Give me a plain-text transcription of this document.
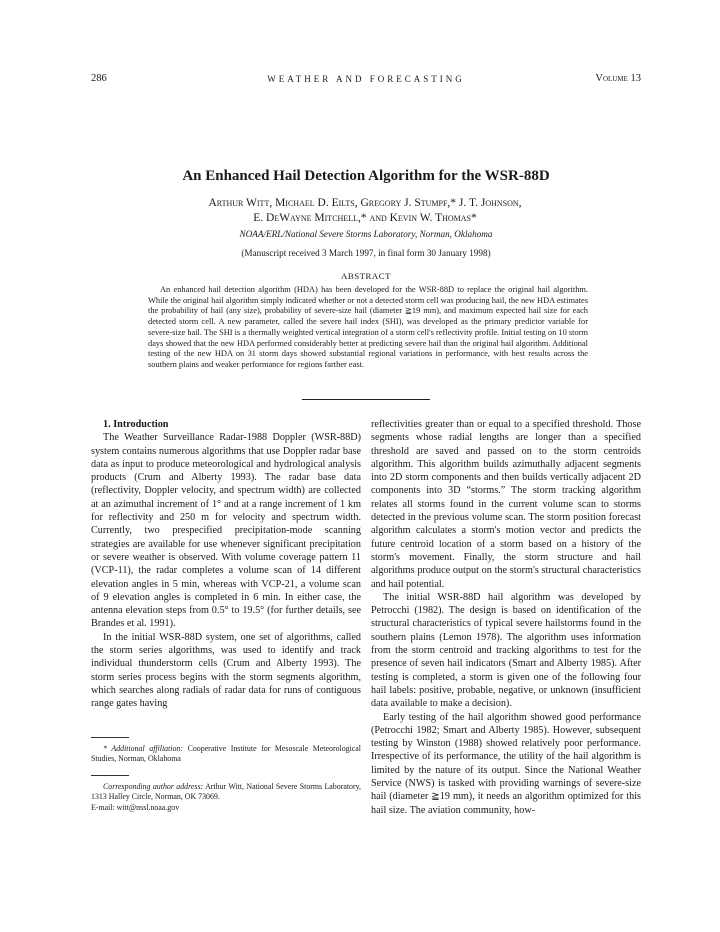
286	WEATHER AND FORECASTING	Volume 13
An Enhanced Hail Detection Algorithm for the WSR-88D
Arthur Witt, Michael D. Eilts, Gregory J. Stumpf,* J. T. Johnson,
E. DeWayne Mitchell,* and Kevin W. Thomas*
NOAA/ERL/National Severe Storms Laboratory, Norman, Oklahoma
(Manuscript received 3 March 1997, in final form 30 January 1998)
ABSTRACT
An enhanced hail detection algorithm (HDA) has been developed for the WSR-88D to replace the original hail algorithm. While the original hail algorithm simply indicated whether or not a detected storm cell was producing hail, the new HDA estimates the probability of hail (any size), probability of severe-size hail (diameter ≧19 mm), and maximum expected hail size for each detected storm cell. A new parameter, called the severe hail index (SHI), was developed as the primary predictor variable for severe-size hail. The SHI is a thermally weighted vertical integration of a storm cell's reflectivity profile. Initial testing on 10 storm days showed that the new HDA performed considerably better at predicting severe hail than the original hail algorithm. Additional testing of the new HDA on 31 storm days showed substantial regional variations in performance, with best results across the southern plains and weaker performance for regions farther east.

1. Introduction

The Weather Surveillance Radar-1988 Doppler (WSR-88D) system contains numerous algorithms that use Doppler radar base data as input to produce meteorological and hydrological analysis products (Crum and Alberty 1993). The radar base data (reflectivity, Doppler velocity, and spectrum width) are collected at an azimuthal increment of 1° and at a range increment of 1 km for reflectivity and 250 m for velocity and spectrum width. Currently, two prespecified precipitation-mode scanning strategies are available for use whenever significant precipitation or severe weather is observed. With volume coverage pattern 11 (VCP-11), the radar completes a volume scan of 14 different elevation angles in 5 min, whereas with VCP-21, a volume scan of 9 elevation angles is completed in 6 min. In either case, the antenna elevation steps from 0.5° to 19.5° (for further details, see Brandes et al. 1991).

In the initial WSR-88D system, one set of algorithms, called the storm series algorithms, was used to identify and track individual thunderstorm cells (Crum and Alberty 1993). The storm series process begins with the storm segments algorithm, which searches along radials of radar data for runs of contiguous range gates having

* Additional affiliation: Cooperative Institute for Mesoscale Meteorological Studies, Norman, Oklahoma

Corresponding author address: Arthur Witt, National Severe Storms Laboratory, 1313 Halley Circle, Norman, OK 73069.

E-mail: witt@nssl.noaa.gov

reflectivities greater than or equal to a specified threshold. Those segments whose radial lengths are longer than a specified threshold are saved and passed on to the storm centroids algorithm. This algorithm builds azimuthally adjacent segments into 2D storm components and then builds vertically adjacent 2D components into 3D “storms.” The storm tracking algorithm relates all storms found in the current volume scan to storms detected in the previous volume scan. The storm position forecast algorithm calculates a storm's motion vector and predicts the future centroid location of a storm based on a history of the storm's movement. Finally, the storm structure and hail algorithms produce output on the storm's structural characteristics and hail potential.

The initial WSR-88D hail algorithm was developed by Petrocchi (1982). The design is based on identification of the structural characteristics of typical severe hailstorms found in the southern plains (Lemon 1978). The algorithm uses information from the storm centroid and tracking algorithms to test for the presence of seven hail indicators (Smart and Alberty 1985). After testing is completed, a storm is given one of the following four hail labels: positive, probable, negative, or unknown (insufficient data available to make a decision).

Early testing of the hail algorithm showed good performance (Petrocchi 1982; Smart and Alberty 1985). However, subsequent testing by Winston (1988) showed relatively poor performance. Irrespective of its performance, the utility of the hail algorithm is limited by the nature of its output. Since the National Weather Service (NWS) is tasked with providing warnings of severe-size hail (diameter ≧19 mm), it needs an algorithm optimized for this hail size. The aviation community, how-
